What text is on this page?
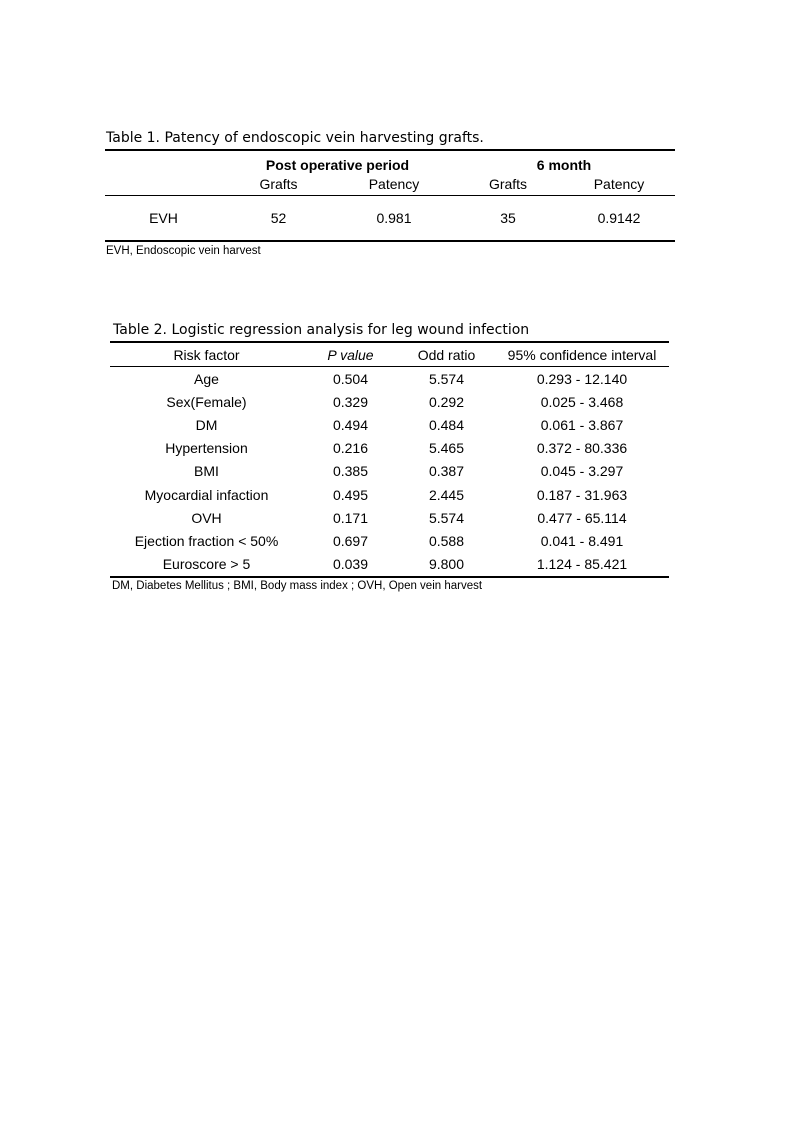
Table 1. Patency of endoscopic vein harvesting grafts.
	Post operative period		6 month	
	Grafts	Patency	Grafts	Patency
EVH	52	0.981	35	0.9142
EVH, Endoscopic vein harvest
Table 2. Logistic regression analysis for leg wound infection
Risk factor	P value	Odd ratio	95% confidence interval
Age	0.504	5.574	0.293 - 12.140
Sex(Female)	0.329	0.292	0.025 - 3.468
DM	0.494	0.484	0.061 - 3.867
Hypertension	0.216	5.465	0.372 - 80.336
BMI	0.385	0.387	0.045 - 3.297
Myocardial infaction	0.495	2.445	0.187 - 31.963
OVH	0.171	5.574	0.477 - 65.114
Ejection fraction < 50%	0.697	0.588	0.041 - 8.491
Euroscore > 5	0.039	9.800	1.124 - 85.421
DM, Diabetes Mellitus ; BMI, Body mass index ; OVH, Open vein harvest
